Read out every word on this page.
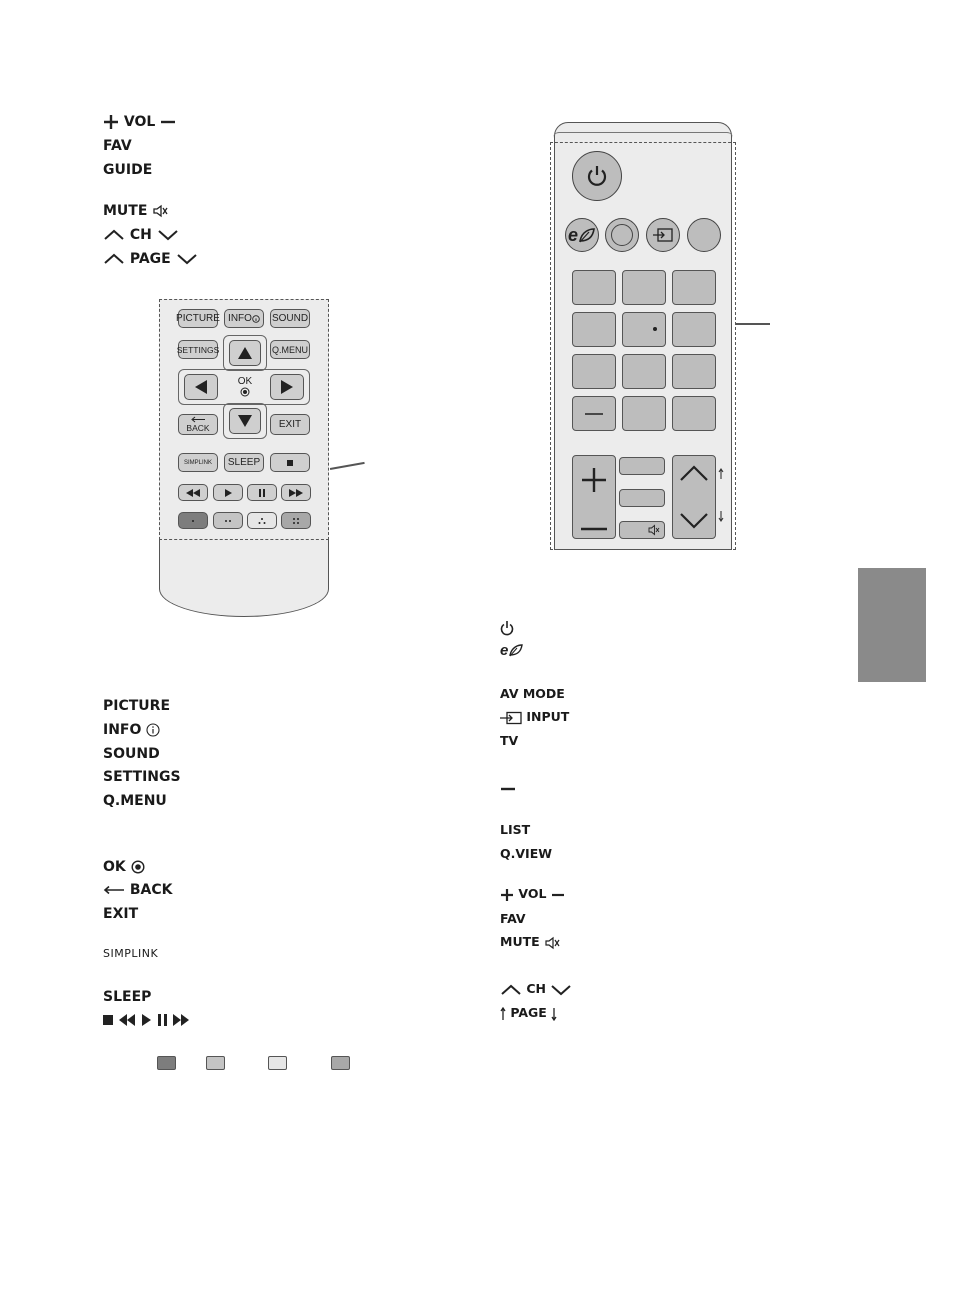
VOL
FAV
GUIDE
MUTE
CH
PAGE
PICTURE INFO SOUND
SETTINGS	Q.MENU
OK
BACK	EXIT
SIMPLINK	SLEEP
PICTURE
INFO
SOUND
SETTINGS
Q.MENU
OK
BACK
EXIT
SIMPLINK
SLEEP
e
e
AV MODE
INPUT
TV
LIST
Q.VIEW
VOL
FAV
MUTE
CH
PAGE
